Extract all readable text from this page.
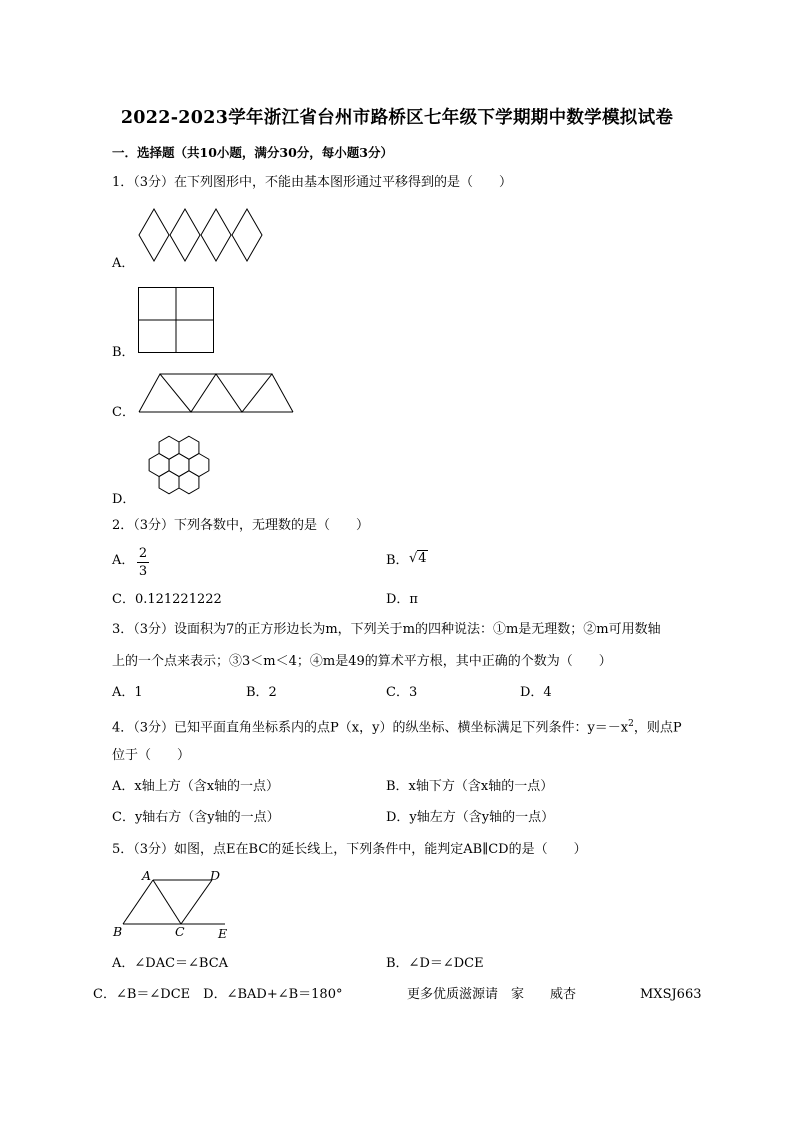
2022-2023学年浙江省台州市路桥区七年级下学期期中数学模拟试卷
一．选择题（共10小题，满分30分，每小题3分）
1．（3分）在下列图形中，不能由基本图形通过平移得到的是（　　）
A．
B．
C．
D．
2．（3分）下列各数中，无理数的是（　　）
A． 2
3
B． √4
C．0.121221222	D．π
3．（3分）设面积为7的正方形边长为m，下列关于m的四种说法：①m是无理数；②m可用数轴
上的一个点来表示；③3＜m＜4；④m是49的算术平方根，其中正确的个数为（　　）
A．1	B．2	C．3	D．4
4．（3分）已知平面直角坐标系内的点P（x，y）的纵坐标、横坐标满足下列条件：$y=-x^2$，则点P
位于（　　）
A．x轴上方（含x轴的一点）	B．x轴下方（含x轴的一点）
C．y轴右方（含y轴的一点）	D．y轴左方（含y轴的一点）
5．（3分）如图，点E在BC的延长线上，下列条件中，能判定AB∥CD的是（　　）
A	D
B	C	E
A．∠DAC＝∠BCA	B．∠D＝∠DCE
C．∠B＝∠DCE　D．∠BAD+∠B＝180°	更多优质滋源请　家　　威杏	MXSJ663
